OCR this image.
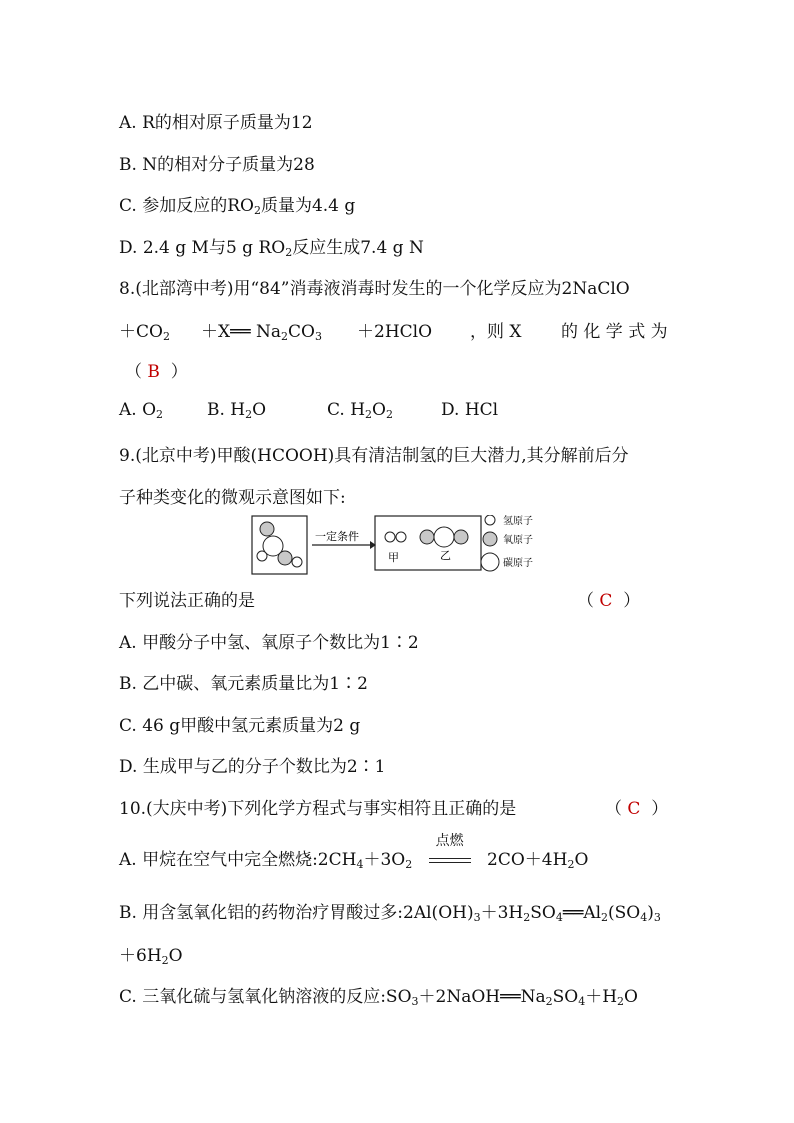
A. R的相对原子质量为12
B. N的相对分子质量为28
C. 参加反应的$RO_2$质量为4.4 g
D. 2.4 g M与5 g $RO_2$反应生成7.4 g N
8.(北部湾中考)用“84”消毒液消毒时发生的一个化学反应为2NaClO
$+CO_2$ ＋X══ $Na_2CO_3$ ＋2HClO ，则 X 的 化 学 式 为
（ B ）
A. $O_2$	B. $H_2O$	C. $H_2O_2$	D. HCl
9.(北京中考)甲酸(HCOOH)具有清洁制氢的巨大潜力,其分解前后分
子种类变化的微观示意图如下:
一定条件
甲	乙
氢原子
氧原子
碳原子
下列说法正确的是	（ C ）
A. 甲酸分子中氢、氧原子个数比为1∶2
B. 乙中碳、氧元素质量比为1∶2
C. 46 g甲酸中氢元素质量为2 g
D. 生成甲与乙的分子个数比为2∶1
10.(大庆中考)下列化学方程式与事实相符且正确的是	（ C ）
A. 甲烷在空气中完全燃烧$:2CH_4+3O_2$
点燃
$2CO+4H_2O$
B. 用含氢氧化铝的药物治疗胃酸过多$:2Al(OH)_3+3H_2SO_4══Al_2(SO_4)_3$
$+6H_2O$
C. 三氧化硫与氢氧化钠溶液的反应$:SO_3+2NaOH══Na_2SO_4+H_2O$
